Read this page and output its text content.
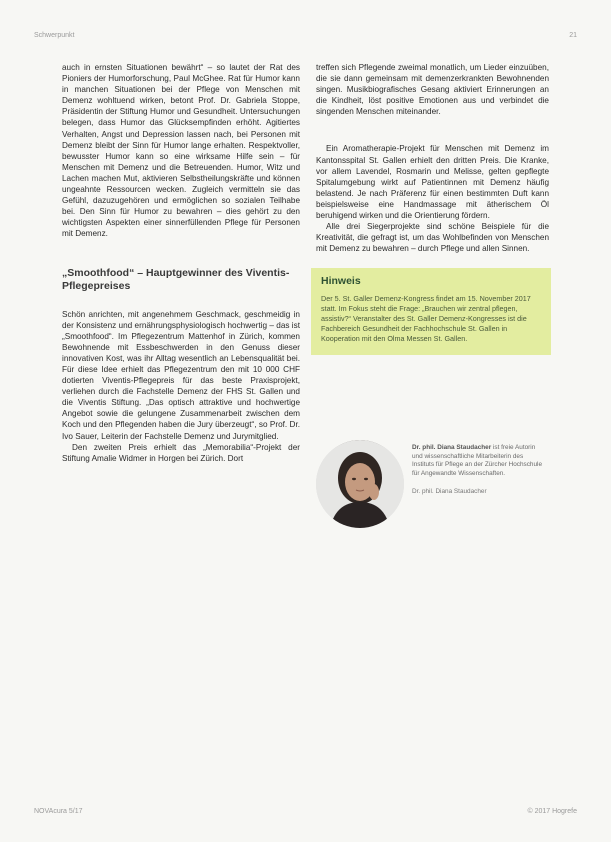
Schwerpunkt	21

auch in ernsten Situationen bewährt“ – so lautet der Rat des Pioniers der Humorforschung, Paul McGhee. Rat für Humor kann in manchen Situationen bei der Pflege von Menschen mit Demenz wohltuend wirken, betont Prof. Dr. Gabriela Stoppe, Präsidentin der Stiftung Humor und Gesundheit. Untersuchungen belegen, dass Humor das Glücksempfinden erhöht. Agitiertes Verhalten, Angst und Depression lassen nach, bei Personen mit Demenz bleibt der Sinn für Humor lange erhalten. Respektvoller, bewusster Humor kann so eine wirksame Hilfe sein – für Menschen mit Demenz und die Betreuenden. Humor, Witz und Lachen machen Mut, aktivieren Selbstheilungskräfte und können ungeahnte Ressourcen wecken. Zugleich vermitteln sie das Gefühl, dazuzugehören und ermöglichen so sozialen Teilhabe bei. Den Sinn für Humor zu bewahren – dies gehört zu den wichtigsten Aspekten einer sinnerfüllenden Pflege für Personen mit Demenz.

„Smoothfood“ – Hauptgewinner des Viventis-Pflegepreises

Schön anrichten, mit angenehmem Geschmack, geschmeidig in der Konsistenz und ernährungsphysiologisch hochwertig – das ist „Smoothfood“. Im Pflegezentrum Mattenhof in Zürich, kommen Bewohnende mit Essbeschwerden in den Genuss dieser innovativen Kost, was ihr Alltag wesentlich an Lebensqualität bei. Für diese Idee erhielt das Pflegezentrum den mit 10 000 CHF dotierten Viventis-Pflegepreis für das beste Praxisprojekt, verliehen durch die Fachstelle Demenz der FHS St. Gallen und die Viventis Stiftung. „Das optisch attraktive und hochwertige Angebot sowie die gelungene Zusammenarbeit zwischen dem Koch und den Pflegenden haben die Jury überzeugt“, so Prof. Dr. Ivo Sauer, Leiterin der Fachstelle Demenz und Jurymitglied.

Den zweiten Preis erhielt das „Memorabilia“-Projekt der Stiftung Amalie Widmer in Horgen bei Zürich. Dort

treffen sich Pflegende zweimal monatlich, um Lieder einzuüben, die sie dann gemeinsam mit demenzerkrankten Bewohnenden singen. Musikbiografisches Gesang aktiviert Erinnerungen an die Kindheit, löst positive Emotionen aus und verbindet die singenden Menschen miteinander.

Ein Aromatherapie-Projekt für Menschen mit Demenz im Kantonsspital St. Gallen erhielt den dritten Preis. Die Kranke, vor allem Lavendel, Rosmarin und Melisse, gelten gepflegte Spitalumgebung wirkt auf Patientinnen mit Demenz häufig belastend. Je nach Präferenz für einen bestimmten Duft kann beispielsweise eine Handmassage mit ätherischem Öl beruhigend wirken und die Orientierung fördern.

Alle drei Siegerprojekte sind schöne Beispiele für die Kreativität, die gefragt ist, um das Wohlbefinden von Menschen mit Demenz zu bewahren – durch Pflege und allen Sinnen.

Hinweis

Der 5. St. Galler Demenz-Kongress findet am 15. November 2017 statt. Im Fokus steht die Frage: „Brauchen wir zentral pflegen, assistiv?“ Veranstalter des St. Galler Demenz-Kongresses ist die Fachbereich Gesundheit der Fachhochschule St. Gallen in Kooperation mit den Olma Messen St. Gallen.

Dr. phil. Diana Staudacher ist freie Autorin und wissenschaftliche Mitarbeiterin des Instituts für Pflege an der Zürcher Hochschule für Angewandte Wissenschaften.
Dr. phil. Diana Staudacher
NOVAcura 5/17	© 2017 Hogrefe
